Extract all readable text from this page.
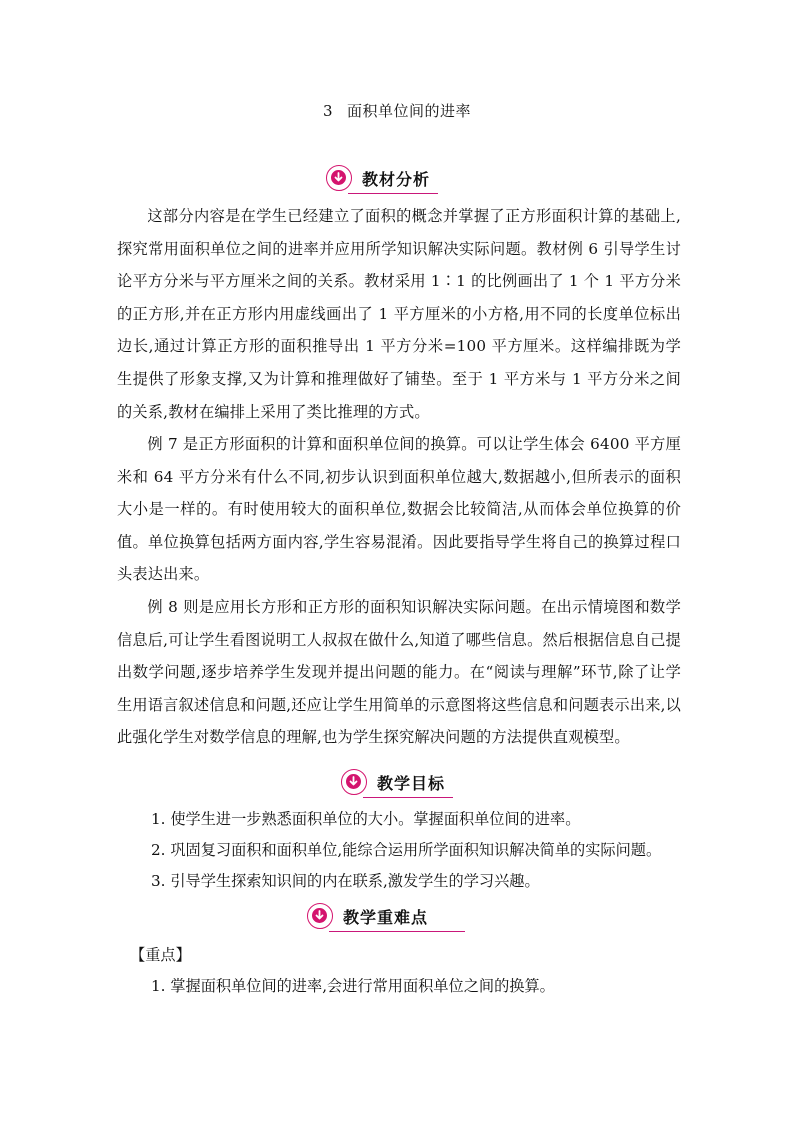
3 面积单位间的进率
教材分析
这部分内容是在学生已经建立了面积的概念并掌握了正方形面积计算的基础上,探究常用面积单位之间的进率并应用所学知识解决实际问题。教材例 6 引导学生讨论平方分米与平方厘米之间的关系。教材采用 1∶1 的比例画出了 1 个 1 平方分米的正方形,并在正方形内用虚线画出了 1 平方厘米的小方格,用不同的长度单位标出边长,通过计算正方形的面积推导出 1 平方分米=100 平方厘米。这样编排既为学生提供了形象支撑,又为计算和推理做好了铺垫。至于 1 平方米与 1 平方分米之间的关系,教材在编排上采用了类比推理的方式。
例 7 是正方形面积的计算和面积单位间的换算。可以让学生体会 6400 平方厘米和 64 平方分米有什么不同,初步认识到面积单位越大,数据越小,但所表示的面积大小是一样的。有时使用较大的面积单位,数据会比较简洁,从而体会单位换算的价值。单位换算包括两方面内容,学生容易混淆。因此要指导学生将自己的换算过程口头表达出来。
例 8 则是应用长方形和正方形的面积知识解决实际问题。在出示情境图和数学信息后,可让学生看图说明工人叔叔在做什么,知道了哪些信息。然后根据信息自己提出数学问题,逐步培养学生发现并提出问题的能力。在“阅读与理解”环节,除了让学生用语言叙述信息和问题,还应让学生用简单的示意图将这些信息和问题表示出来,以此强化学生对数学信息的理解,也为学生探究解决问题的方法提供直观模型。
教学目标
1. 使学生进一步熟悉面积单位的大小。掌握面积单位间的进率。
2. 巩固复习面积和面积单位,能综合运用所学面积知识解决简单的实际问题。
3. 引导学生探索知识间的内在联系,激发学生的学习兴趣。
教学重难点
【重点】
1. 掌握面积单位间的进率,会进行常用面积单位之间的换算。
